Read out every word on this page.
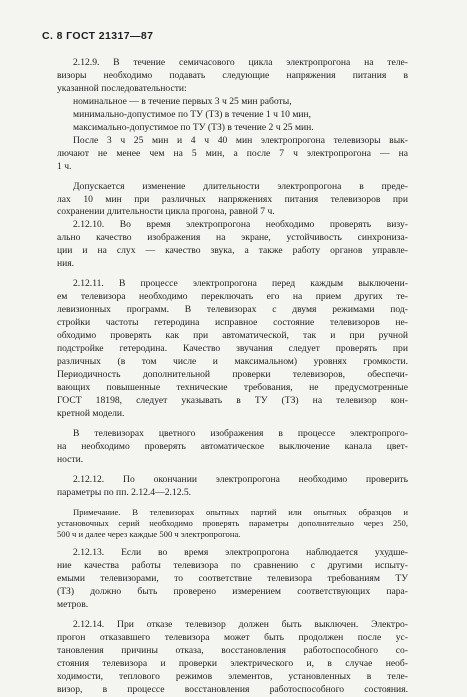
С. 8 ГОСТ 21317—87
2.12.9. В течение семичасового цикла электропрогона на теле-
визоры необходимо подавать следующие напряжения питания в
указанной последовательности:
номинальное — в течение первых 3 ч 25 мин работы,
минимально-допустимое по ТУ (ТЗ) в течение 1 ч 10 мин,
максимально-допустимое по ТУ (ТЗ) в течение 2 ч 25 мин.
После 3 ч 25 мин и 4 ч 40 мин электропрогона телевизоры вык-
лючают не менее чем на 5 мин, а после 7 ч электропрогона — на
1 ч.
Допускается изменение длительности электропрогона в преде-
лах 10 мин при различных напряжениях питания телевизоров при
сохранении длительности цикла прогона, равной 7 ч.
2.12.10. Во время электропрогона необходимо проверять визу-
ально качество изображения на экране, устойчивость синхрониза-
ции и на слух — качество звука, а также работу органов управле-
ния.
2.12.11. В процессе электропрогона перед каждым выключени-
ем телевизора необходимо переключать его на прием других те-
левизионных программ. В телевизорах с двумя режимами под-
стройки частоты гетеродина исправное состояние телевизоров не-
обходимо проверять как при автоматической, так и при ручной
подстройке гетеродина. Качество звучания следует проверять при
различных (в том числе и максимальном) уровнях громкости.
Периодичность дополнительной проверки телевизоров, обеспечи-
вающих повышенные технические требования, не предусмотренные
ГОСТ 18198, следует указывать в ТУ (ТЗ) на телевизор кон-
кретной модели.
В телевизорах цветного изображения в процессе электропрого-
на необходимо проверять автоматическое выключение канала цвет-
ности.
2.12.12. По окончании электропрогона необходимо проверить
параметры по пп. 2.12.4—2.12.5.
Примечание. В телевизорах опытных партий или опытных образцов и
установочных серий необходимо проверять параметры дополнительно через 250,
500 ч и далее через каждые 500 ч электропрогона.
2.12.13. Если во время электропрогона наблюдается ухудше-
ние качества работы телевизора по сравнению с другими испыту-
емыми телевизорами, то соответствие телевизора требованиям ТУ
(ТЗ) должно быть проверено измерением соответствующих пара-
метров.
2.12.14. При отказе телевизор должен быть выключен. Электро-
прогон отказавшего телевизора может быть продолжен после ус-
тановления причины отказа, восстановления работоспособного со-
стояния телевизора и проверки электрического и, в случае необ-
ходимости, теплового режимов элементов, установленных в теле-
визор, в процессе восстановления работоспособного состояния.
